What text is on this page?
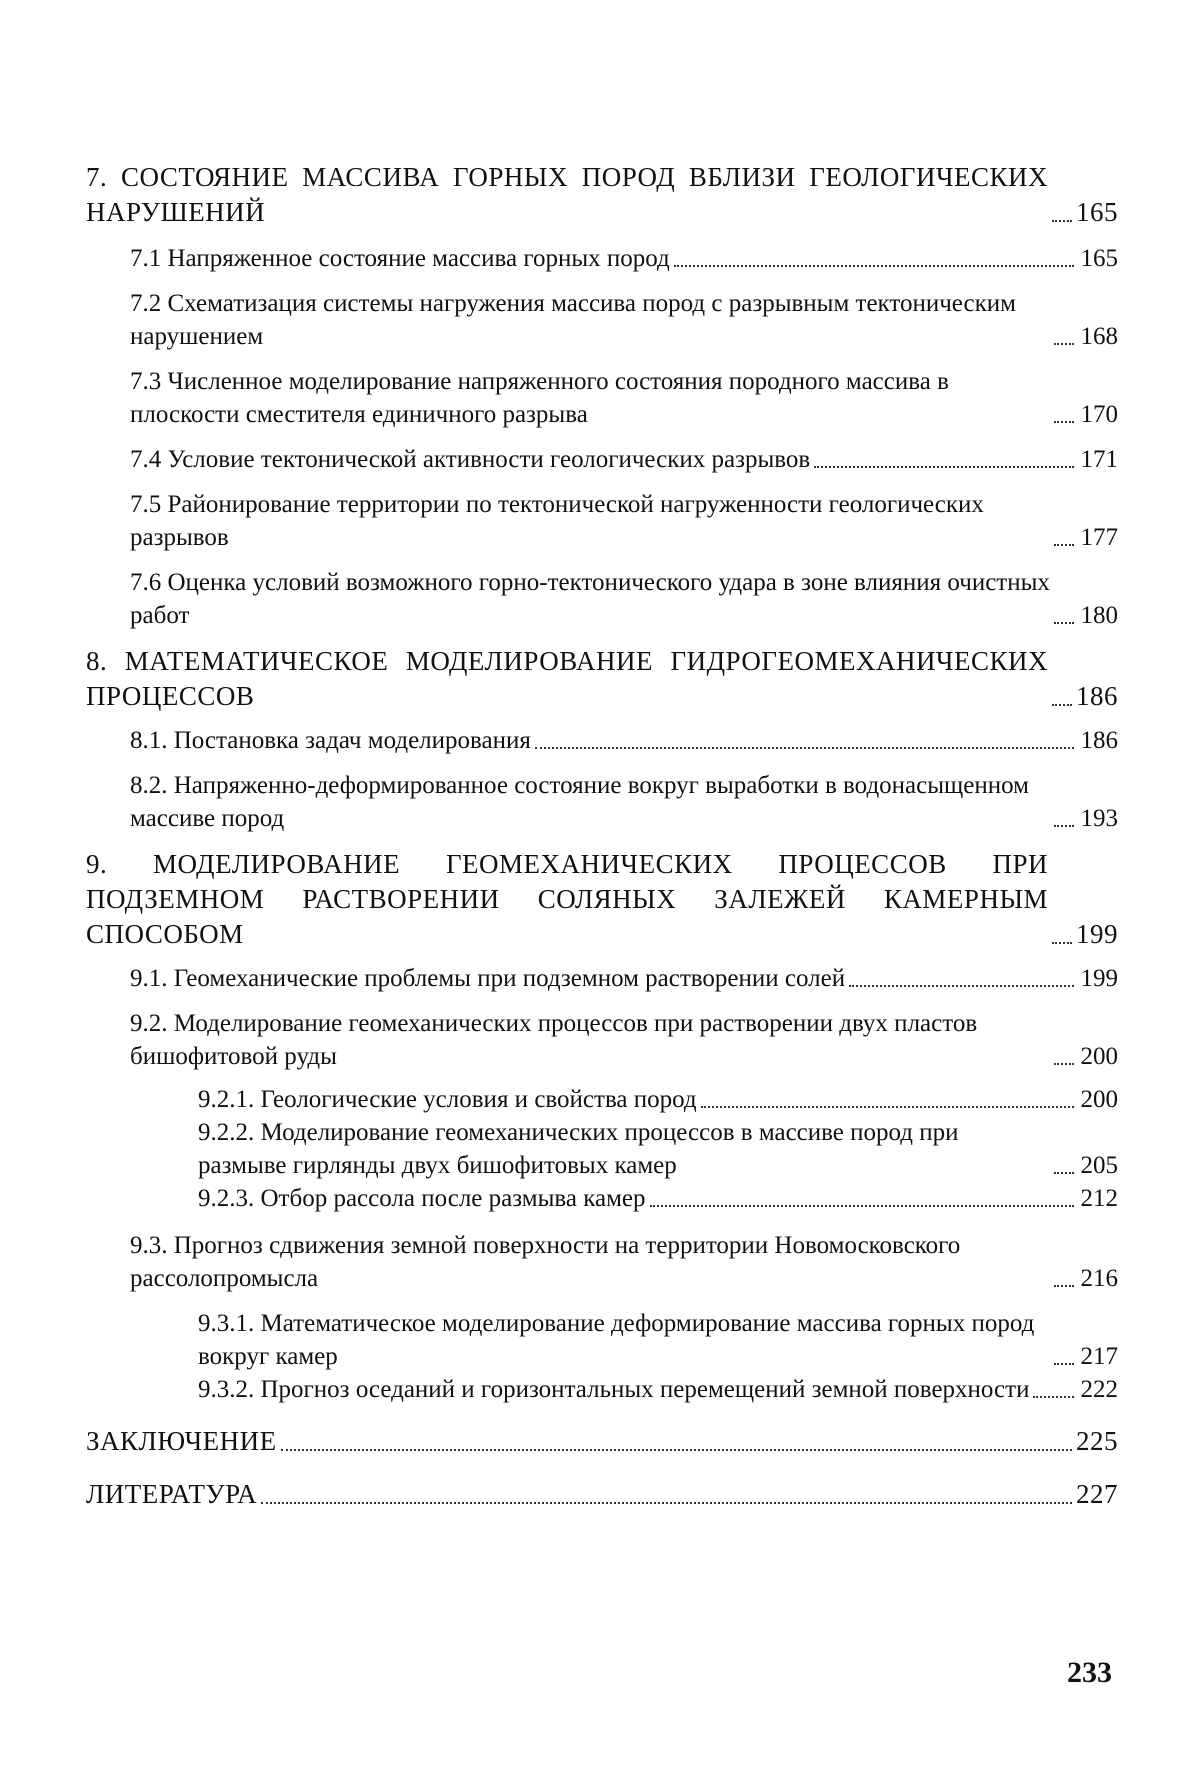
7. СОСТОЯНИЕ МАССИВА ГОРНЫХ ПОРОД ВБЛИЗИ ГЕОЛОГИЧЕСКИХ НАРУШЕНИЙ	165
7.1 Напряженное состояние массива горных пород	165
7.2 Схематизация системы нагружения массива пород с разрывным тектоническим нарушением	168
7.3 Численное моделирование напряженного состояния породного массива в плоскости сместителя единичного разрыва	170
7.4 Условие тектонической активности геологических разрывов	171
7.5 Районирование территории по тектонической нагруженности геологических разрывов	177
7.6 Оценка условий возможного горно-тектонического удара в зоне влияния очистных работ	180
8. МАТЕМАТИЧЕСКОЕ МОДЕЛИРОВАНИЕ ГИДРОГЕОМЕХАНИЧЕСКИХ ПРОЦЕССОВ	186
8.1. Постановка задач моделирования	186
8.2. Напряженно-деформированное состояние вокруг выработки в водонасыщенном массиве пород	193
9. МОДЕЛИРОВАНИЕ ГЕОМЕХАНИЧЕСКИХ ПРОЦЕССОВ ПРИ ПОДЗЕМНОМ РАСТВОРЕНИИ СОЛЯНЫХ ЗАЛЕЖЕЙ КАМЕРНЫМ СПОСОБОМ	199
9.1. Геомеханические проблемы при подземном растворении солей	199
9.2. Моделирование геомеханических процессов при растворении двух пластов бишофитовой руды	200
9.2.1. Геологические условия и свойства пород	200
9.2.2. Моделирование геомеханических процессов в массиве пород при размыве гирлянды двух бишофитовых камер	205
9.2.3. Отбор рассола после размыва камер	212
9.3. Прогноз сдвижения земной поверхности на территории Новомосковского рассолопромысла	216
9.3.1. Математическое моделирование деформирование массива горных пород вокруг камер	217
9.3.2. Прогноз оседаний и горизонтальных перемещений земной поверхности 222
ЗАКЛЮЧЕНИЕ	225
ЛИТЕРАТУРА	227
233
